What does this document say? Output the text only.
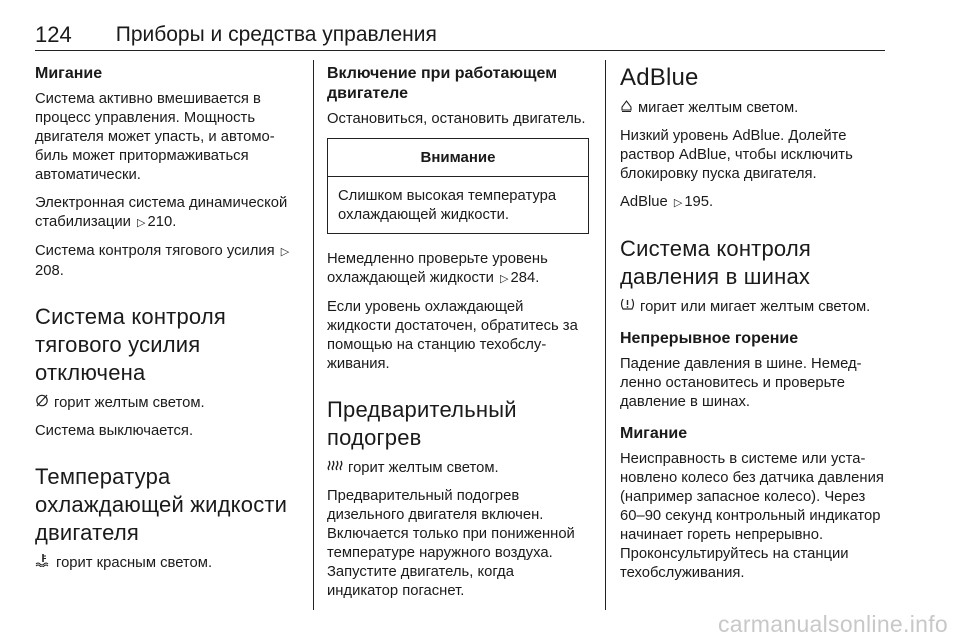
124 Приборы и средства управления
Мигание

Система активно вмешивается в процесс управления. Мощность двигателя может упасть, и автомобиль может притормаживаться автоматически.

Электронная система динамической стабилизации ▷ 210.

Система контроля тягового усилия ▷208.

Система контроля тягового усилия отключена

горит желтым светом.

Система выключается.

Температура охлаждающей жидкости двигателя

горит красным светом.

Включение при работающем двигателе

Остановиться, остановить двигатель.

Внимание
Слишком высокая температура охлаждающей жидкости.

Немедленно проверьте уровень охлаждающей жидкости ▷ 284.

Если уровень охлаждающей жидкости достаточен, обратитесь за помощью на станцию техобслуживания.

Предварительный подогрев

горит желтым светом.

Предварительный подогрев дизельного двигателя включен. Включается только при пониженной температуре наружного воздуха. Запустите двигатель, когда индикатор погаснет.

AdBlue

мигает желтым светом.

Низкий уровень AdBlue. Долейте раствор AdBlue, чтобы исключить блокировку пуска двигателя.

AdBlue ▷ 195.

Система контроля давления в шинах

горит или мигает желтым светом.

Непрерывное горение

Падение давления в шине. Немедленно остановитесь и проверьте давление в шинах.

Мигание

Неисправность в системе или установлено колесо без датчика давления (например запасное колесо). Через 60–90 секунд контрольный индикатор начинает гореть непрерывно. Проконсультируйтесь на станции техобслуживания.

carmanualsonline.info
